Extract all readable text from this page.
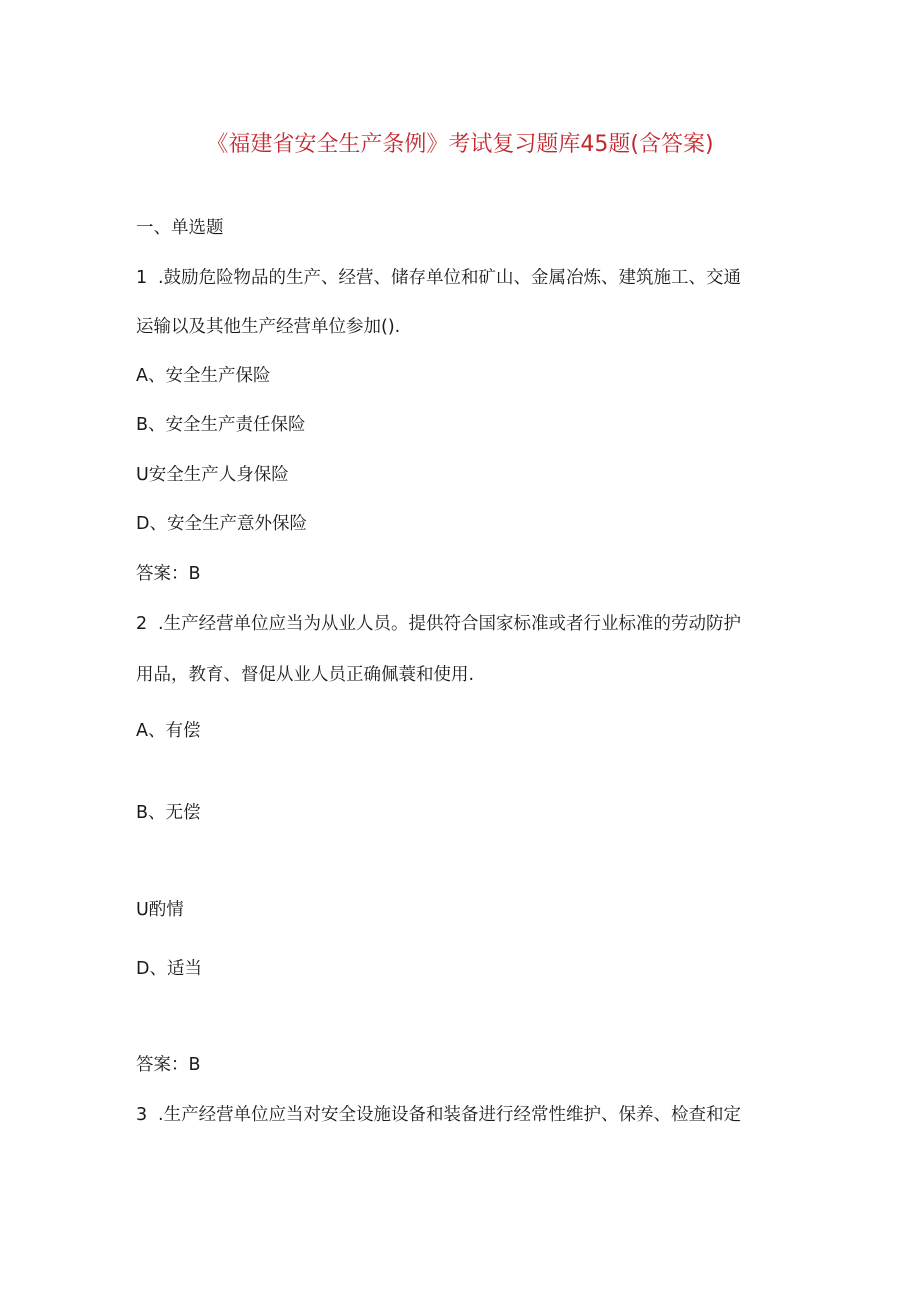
《福建省安全生产条例》考试复习题库45题(含答案)
一、单选题
1 .鼓励危险物品的生产、经营、储存单位和矿山、金属冶炼、建筑施工、交通
运输以及其他生产经营单位参加().
A、安全生产保险
B、安全生产责任保险
U安全生产人身保险
D、安全生产意外保险
答案：B
2 .生产经营单位应当为从业人员。提供符合国家标准或者行业标准的劳动防护
用品，教育、督促从业人员正确佩蓑和使用.
A、有偿
B、无偿
U酌情
D、适当
答案：B
3 .生产经营单位应当对安全设施设备和装备进行经常性维护、保养、检查和定
